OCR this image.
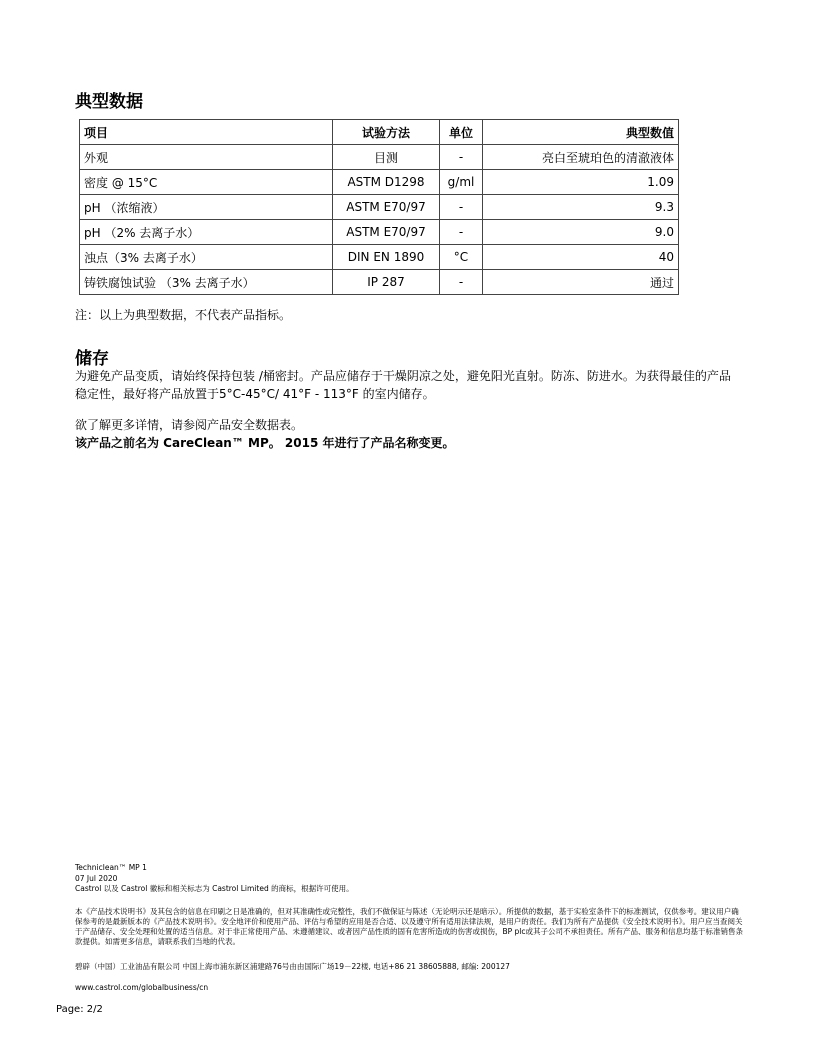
典型数据
项目	试验方法	单位	典型数值
外观	目测	-	亮白至琥珀色的清澈液体
密度 @ 15°C	ASTM D1298	g/ml	1.09
pH （浓缩液）	ASTM E70/97	-	9.3
pH （2% 去离子水）	ASTM E70/97	-	9.0
浊点（3% 去离子水）	DIN EN 1890	°C	40
铸铁腐蚀试验 （3% 去离子水）	IP 287	-	通过

注：以上为典型数据，不代表产品指标。

储存

为避免产品变质，请始终保持包装 /桶密封。产品应储存于干燥阴凉之处，避免阳光直射。防冻、防进水。为获得最佳的产品稳定性，最好将产品放置于5°C-45°C/ 41°F - 113°F 的室内储存。

欲了解更多详情，请参阅产品安全数据表。

该产品之前名为 CareClean™ MP。 2015 年进行了产品名称变更。

Techniclean™ MP 1

07 Jul 2020

Castrol 以及 Castrol 徽标和相关标志为 Castrol Limited 的商标，根据许可使用。

本《产品技术说明书》及其包含的信息在印刷之日是准确的，但对其准确性或完整性，我们不做保证与陈述（无论明示还是暗示）。所提供的数据，基于实验室条件下的标准测试，仅供参考。建议用户确保参考的是最新版本的《产品技术说明书》。安全地评价和使用产品、评估与希望的应用是否合适、以及遵守所有适用法律法规，是用户的责任。我们为所有产品提供《安全技术说明书》。用户应当查阅关于产品储存、安全处理和处置的适当信息。对于非正常使用产品、未遵循建议、或者因产品性质的固有危害所造成的伤害或损伤，BP plc或其子公司不承担责任。所有产品、服务和信息均基于标准销售条款提供。如需更多信息，请联系我们当地的代表。

碧辟（中国）工业油品有限公司 中国上海市浦东新区浦建路76号由由国际广场19－22楼, 电话+86 21 38605888, 邮编: 200127

www.castrol.com/globalbusiness/cn

Page: 2/2
